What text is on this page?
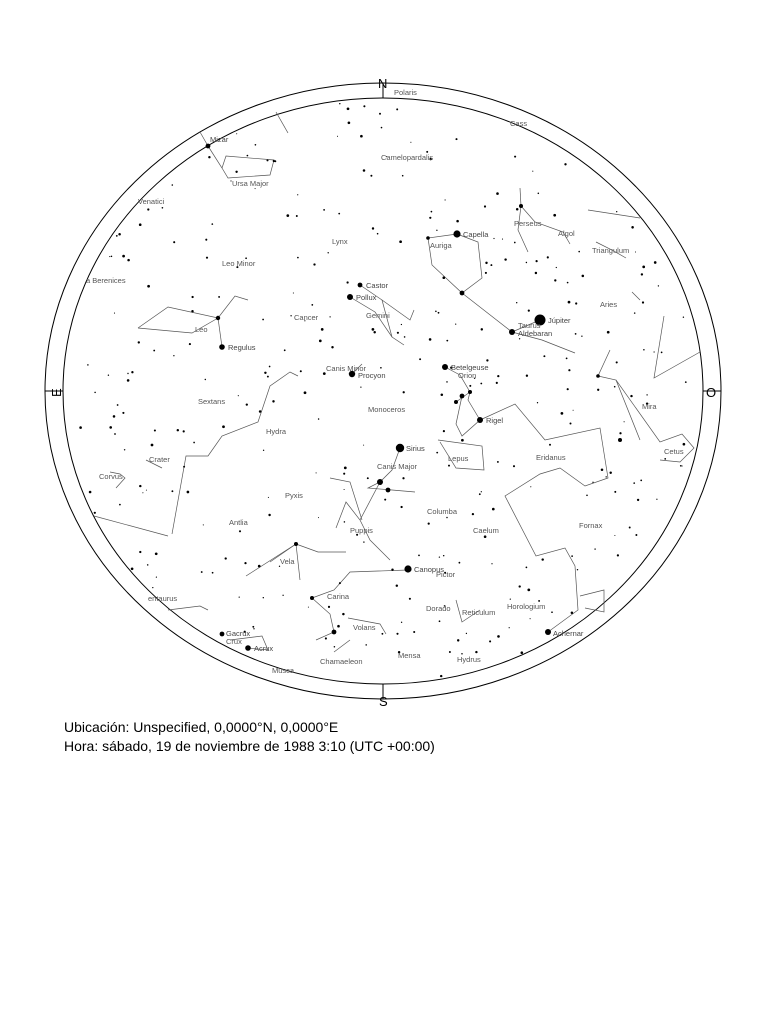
N
S
E	O
Camelopardalis
Ursa Major
Leo Minor
Lynx
Cancer	Gemini
Auriga
Perseus
Triangulum
Aries
Taurus
Orion
Monoceros
Canis Minor
Leo
Sextans
Hydra
Crater
Corvus
Antlia
Pyxis
Vela
Puppis
Canis Major
Lepus
Columba
Caelum
Eridanus
Fornax
Cetus
Mira
Carina
Volans
Chamaeleon
Mensa
Dorado Reticulum
Horologium
Hydrus
Pictor
entaurus
a Berenices
Venatici
Polaris
Cass
Musca
Crux
Algol
Capella
Castor
Pollux
Procyon
Betelgeuse
Rigel
Sirius
Aldebaran
Regulus
Canopus
Achernar
Gacrux
Acrux
Júpiter
Mizar
Ubicación: Unspecified, 0,0000°N, 0,0000°E
Hora: sábado, 19 de noviembre de 1988 3:10 (UTC +00:00)
